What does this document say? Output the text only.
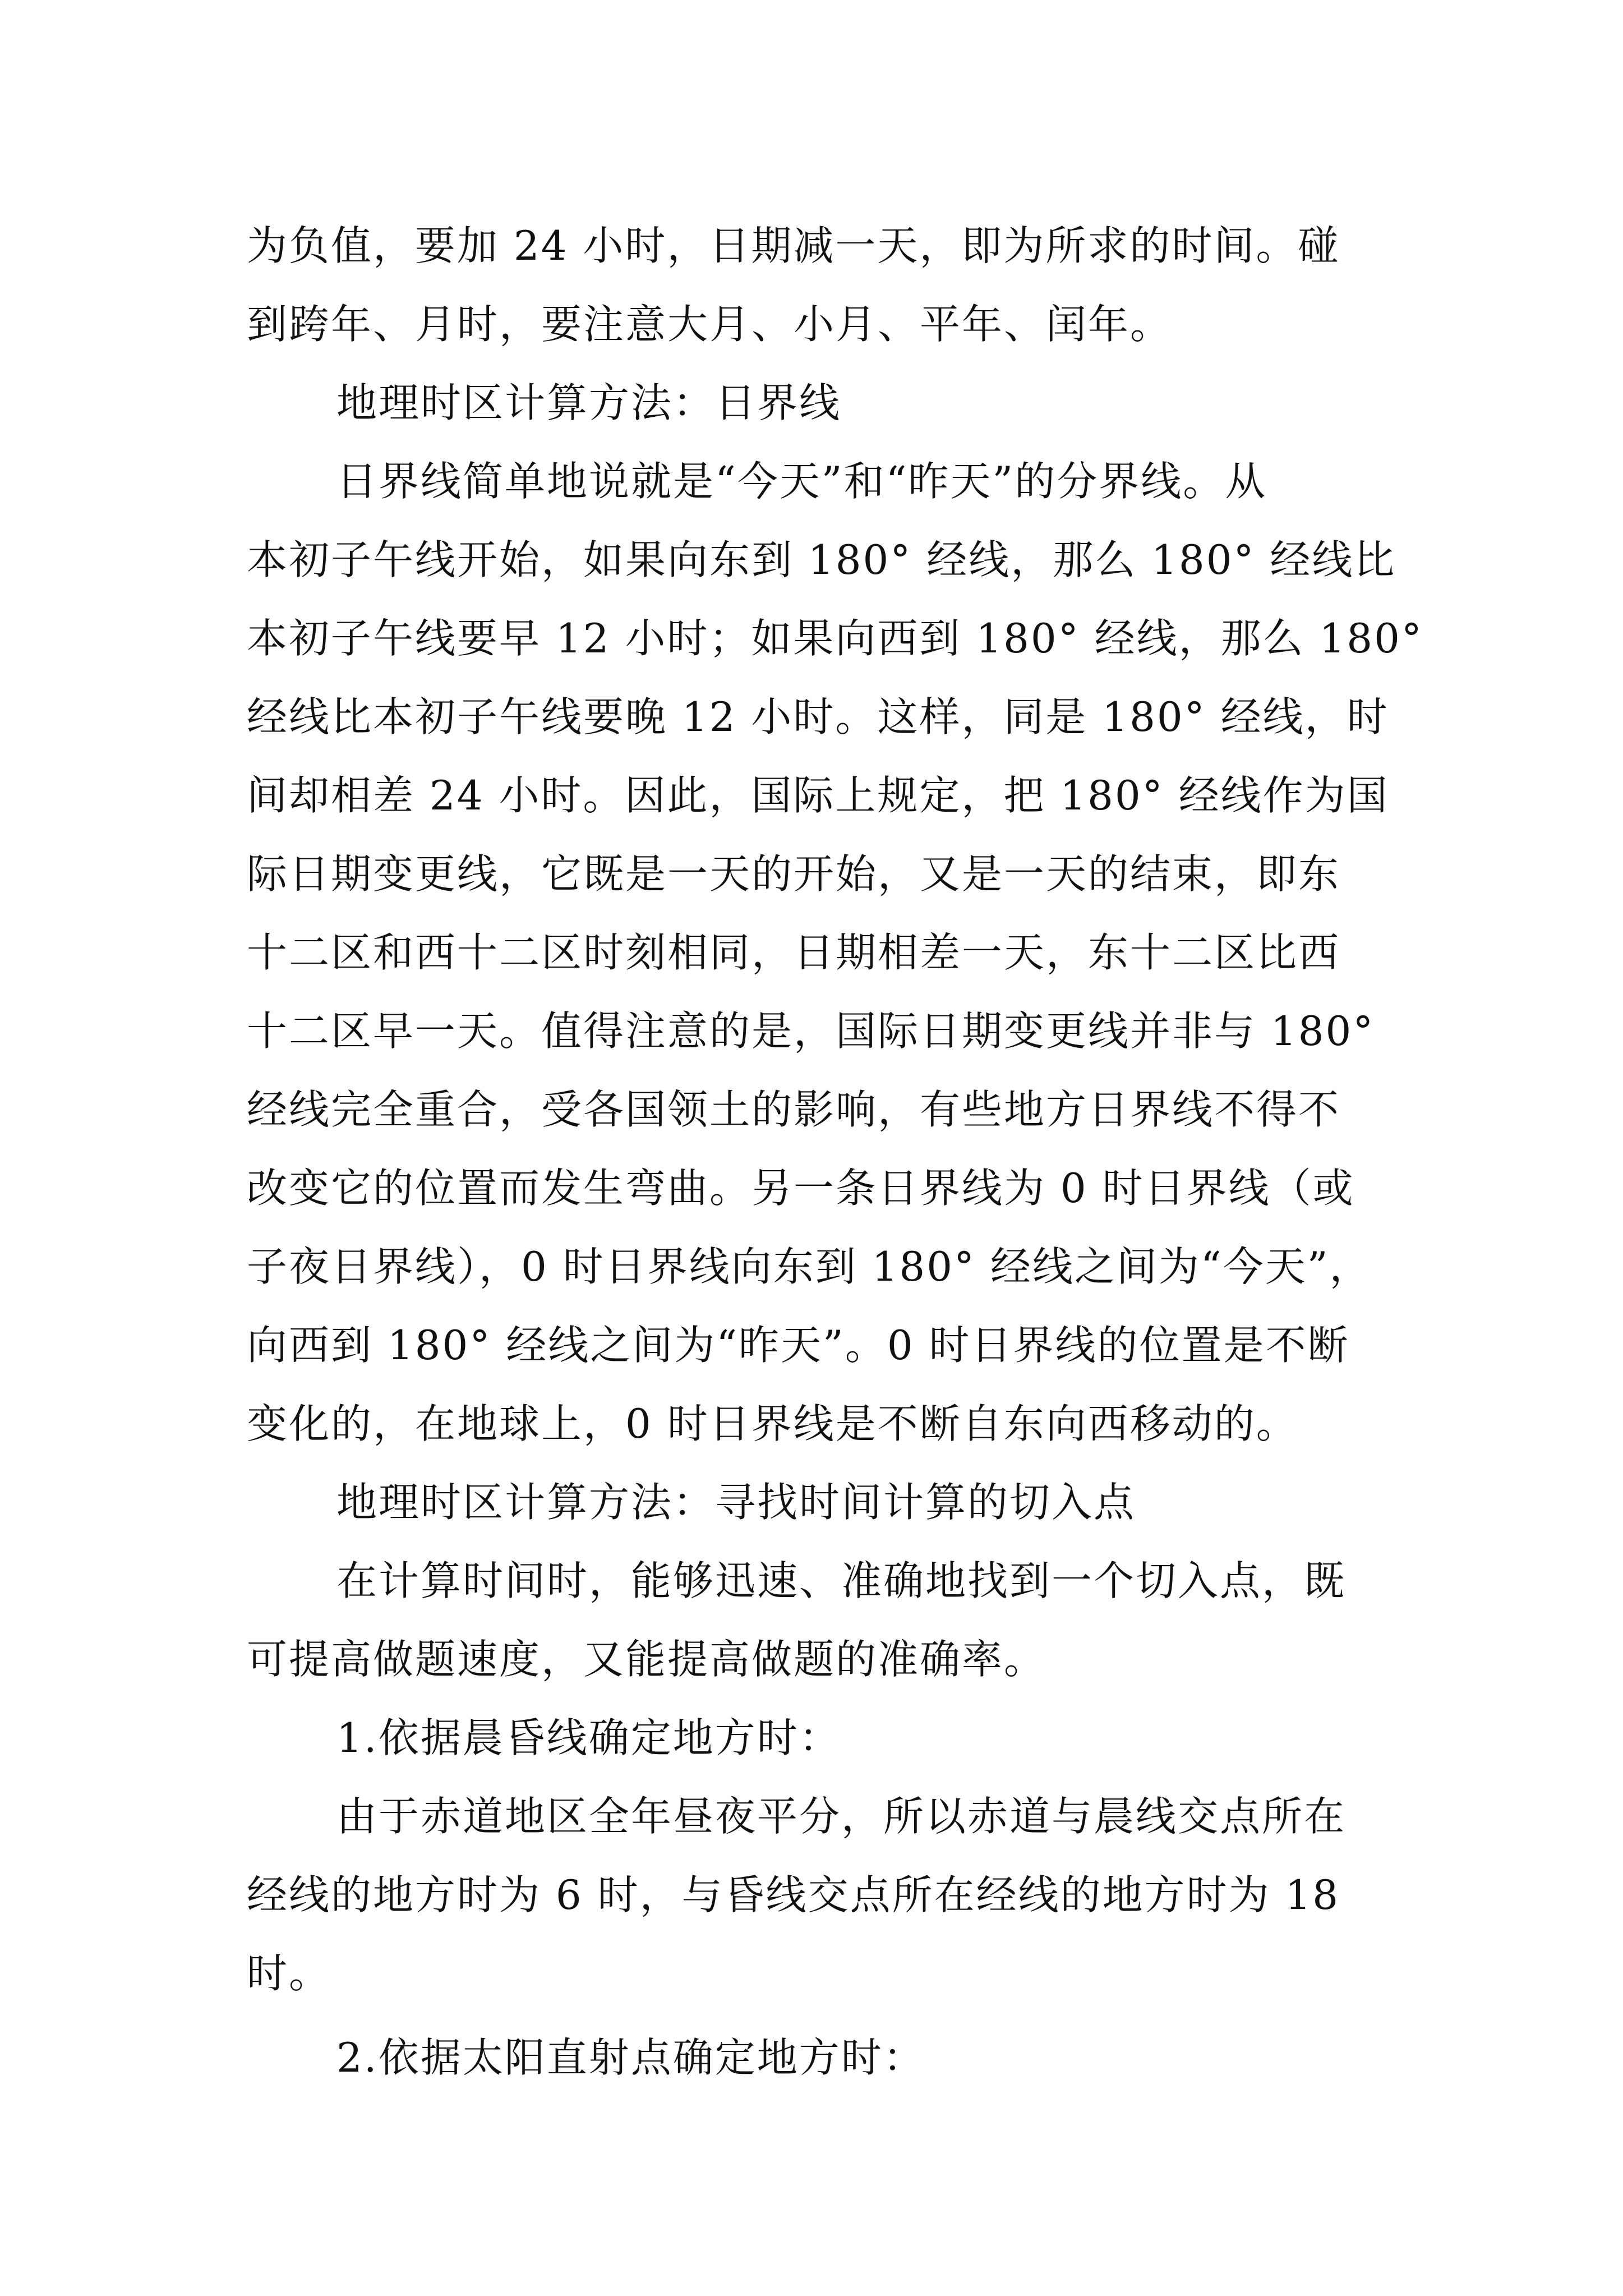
为负值，要加 24 小时，日期减一天，即为所求的时间。碰
到跨年、月时，要注意大月、小月、平年、闰年。
地理时区计算方法：日界线
日界线简单地说就是“今天”和“昨天”的分界线。从
本初子午线开始，如果向东到 180° 经线，那么 180° 经线比
本初子午线要早 12 小时；如果向西到 180° 经线，那么 180°
经线比本初子午线要晚 12 小时。这样，同是 180° 经线，时
间却相差 24 小时。因此，国际上规定，把 180° 经线作为国
际日期变更线，它既是一天的开始，又是一天的结束，即东
十二区和西十二区时刻相同，日期相差一天，东十二区比西
十二区早一天。值得注意的是，国际日期变更线并非与 180°
经线完全重合，受各国领土的影响，有些地方日界线不得不
改变它的位置而发生弯曲。另一条日界线为 0 时日界线（或
子夜日界线），0 时日界线向东到 180° 经线之间为“今天”，
向西到 180° 经线之间为“昨天”。0 时日界线的位置是不断
变化的，在地球上，0 时日界线是不断自东向西移动的。
地理时区计算方法：寻找时间计算的切入点
在计算时间时，能够迅速、准确地找到一个切入点，既
可提高做题速度，又能提高做题的准确率。
1.依据晨昏线确定地方时：
由于赤道地区全年昼夜平分，所以赤道与晨线交点所在
经线的地方时为 6 时，与昏线交点所在经线的地方时为 18
时。
2.依据太阳直射点确定地方时：
